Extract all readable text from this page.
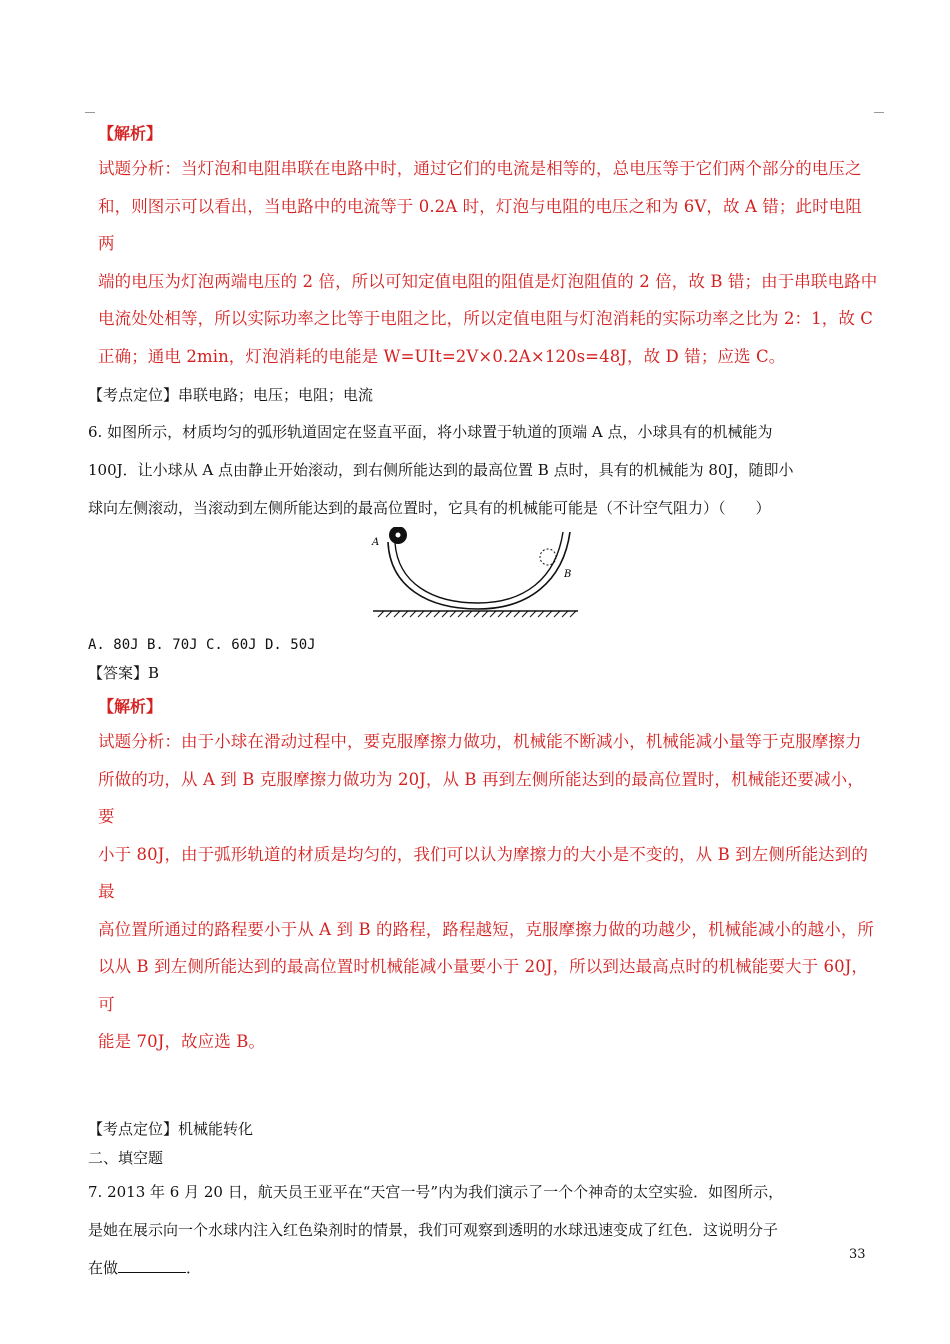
【解析】

试题分析：当灯泡和电阻串联在电路中时，通过它们的电流是相等的，总电压等于它们两个部分的电压之

和，则图示可以看出，当电路中的电流等于 0.2A 时，灯泡与电阻的电压之和为 6V，故 A 错；此时电阻两

端的电压为灯泡两端电压的 2 倍，所以可知定值电阻的阻值是灯泡阻值的 2 倍，故 B 错；由于串联电路中

电流处处相等，所以实际功率之比等于电阻之比，所以定值电阻与灯泡消耗的实际功率之比为 2：1，故 C

正确；通电 2min，灯泡消耗的电能是 W=UIt=2V×0.2A×120s=48J，故 D 错；应选 C。

【考点定位】串联电路；电压；电阻；电流

6. 如图所示，材质均匀的弧形轨道固定在竖直平面，将小球置于轨道的顶端 A 点，小球具有的机械能为

100J．让小球从 A 点由静止开始滚动，到右侧所能达到的最高位置 B 点时，具有的机械能为 80J，随即小

球向左侧滚动，当滚动到左侧所能达到的最高位置时，它具有的机械能可能是（不计空气阻力）（　　）

A
B

A. 80J B. 70J C. 60J D. 50J

【答案】B

【解析】

试题分析：由于小球在滑动过程中，要克服摩擦力做功，机械能不断减小，机械能减小量等于克服摩擦力

所做的功，从 A 到 B 克服摩擦力做功为 20J，从 B 再到左侧所能达到的最高位置时，机械能还要减小，要

小于 80J，由于弧形轨道的材质是均匀的，我们可以认为摩擦力的大小是不变的，从 B 到左侧所能达到的最

高位置所通过的路程要小于从 A 到 B 的路程，路程越短，克服摩擦力做的功越少，机械能减小的越小，所

以从 B 到左侧所能达到的最高位置时机械能减小量要小于 20J，所以到达最高点时的机械能要大于 60J，可

能是 70J，故应选 B。

【考点定位】机械能转化

二、填空题

7. 2013 年 6 月 20 日，航天员王亚平在“天宫一号”内为我们演示了一个个神奇的太空实验．如图所示，

是她在展示向一个水球内注入红色染剂时的情景，我们可观察到透明的水球迅速变成了红色．这说明分子

在做	．

33
